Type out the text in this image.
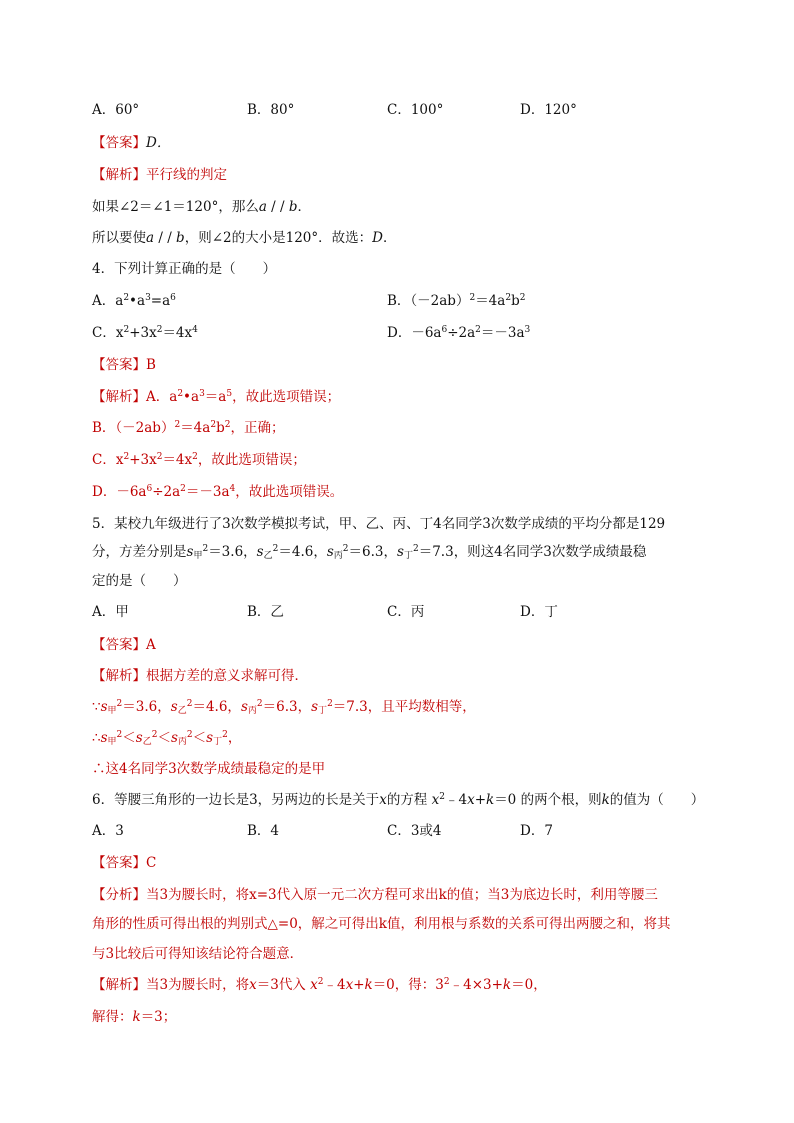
A．60°	B．80°	C．100°	D．120°
【答案】D．
【解析】平行线的判定
如果∠2＝∠1＝120°，那么a / / b．
所以要使a / / b，则∠2的大小是120°．故选：D．
4．下列计算正确的是（　　）
A．$a^2•a^3=a^6$	B．$(-2ab)^2=4a^2b^2$
C．$x^2+3x^2=4x^4$	D．$-6a^6\div 2a^2=-3a^3$
【答案】B
【解析】A．$a^2•a^3=a^5$，故此选项错误；
B．$(-2ab)^2=4a^2b^2$，正确；
C．$x^2+3x^2=4x^2$，故此选项错误；
D．$-6a^6\div 2a^2=-3a^4$，故此选项错误。
5．某校九年级进行了3次数学模拟考试，甲、乙、丙、丁4名同学3次数学成绩的平均分都是129
分，方差分别是$s_甲^2=3.6$，$s_乙^2=4.6$，$s_丙^2=6.3$，$s_丁^2=7.3$，则这4名同学3次数学成绩最稳
定的是（　　）
A．甲	B．乙	C．丙	D．丁
【答案】A
【解析】根据方差的意义求解可得．
$\because s_甲^2=3.6$，$s_乙^2=4.6$，$s_丙^2=6.3$，$s_丁^2=7.3$，且平均数相等，
$\therefore s_甲^2<s_乙^2<s_丙^2<s_丁^2$，
∴这4名同学3次数学成绩最稳定的是甲
6．等腰三角形的一边长是3，另两边的长是关于x的方程 $x^2﹣4x+k=0$ 的两个根，则k的值为（　　）
A．3	B．4	C．3或4	D．7
【答案】C
【分析】当3为腰长时，将x=3代入原一元二次方程可求出k的值；当3为底边长时，利用等腰三
角形的性质可得出根的判别式△=0，解之可得出k值，利用根与系数的关系可得出两腰之和，将其
与3比较后可得知该结论符合题意．
【解析】当3为腰长时，将x＝3代入 $x^2﹣4x+k=0$，得：$3^2﹣4\times 3+k=0$，
解得：k＝3；
